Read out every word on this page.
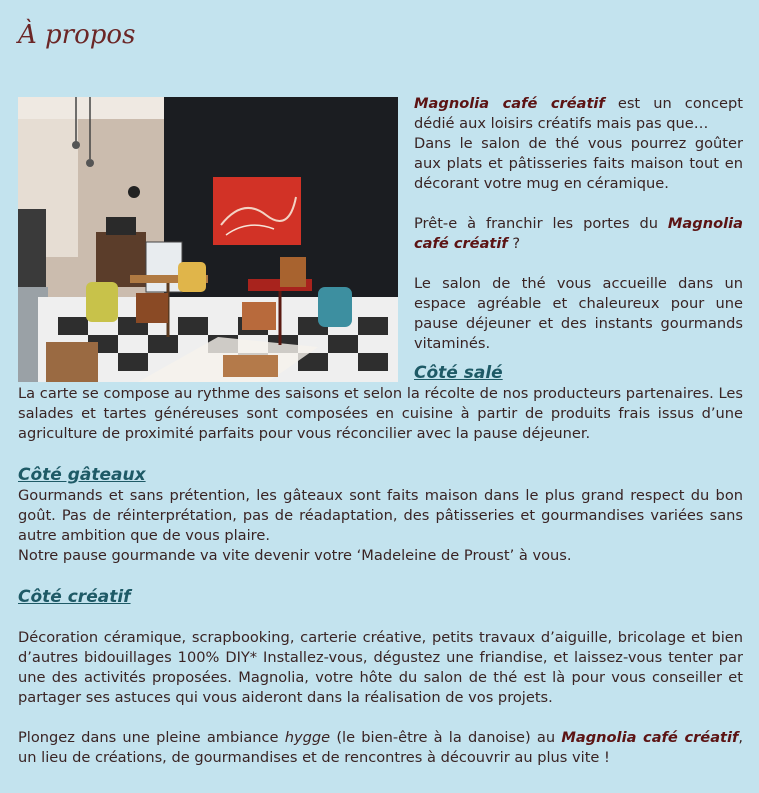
À propos

Magnolia café créatif est un concept dédié aux loisirs créatifs mais pas que…

Dans le salon de thé vous pourrez goûter aux plats et pâtisseries faits maison tout en décorant votre mug en céramique.

Prêt-e à franchir les portes du Magnolia café créatif ?

Le salon de thé vous accueille dans un espace agréable et chaleureux pour une pause déjeuner et des instants gourmands vitaminés.

Côté salé

La carte se compose au rythme des saisons et selon la récolte de nos producteurs partenaires. Les salades et tartes généreuses sont composées en cuisine à partir de produits frais issus d’une agriculture de proximité parfaits pour vous réconcilier avec la pause déjeuner.

Côté gâteaux

Gourmands et sans prétention, les gâteaux sont faits maison dans le plus grand respect du bon goût. Pas de réinterprétation, pas de réadaptation, des pâtisseries et gourmandises variées sans autre ambition que de vous plaire.

Notre pause gourmande va vite devenir votre ‘Madeleine de Proust’ à vous.

Côté créatif

Décoration céramique, scrapbooking, carterie créative, petits travaux d’aiguille, bricolage et bien d’autres bidouillages 100% DIY* Installez-vous, dégustez une friandise, et laissez-vous tenter par une des activités proposées. Magnolia, votre hôte du salon de thé est là pour vous conseiller et partager ses astuces qui vous aideront dans la réalisation de vos projets.

Plongez dans une pleine ambiance hygge (le bien-être à la danoise) au Magnolia café créatif, un lieu de créations, de gourmandises et de rencontres à découvrir au plus vite !
